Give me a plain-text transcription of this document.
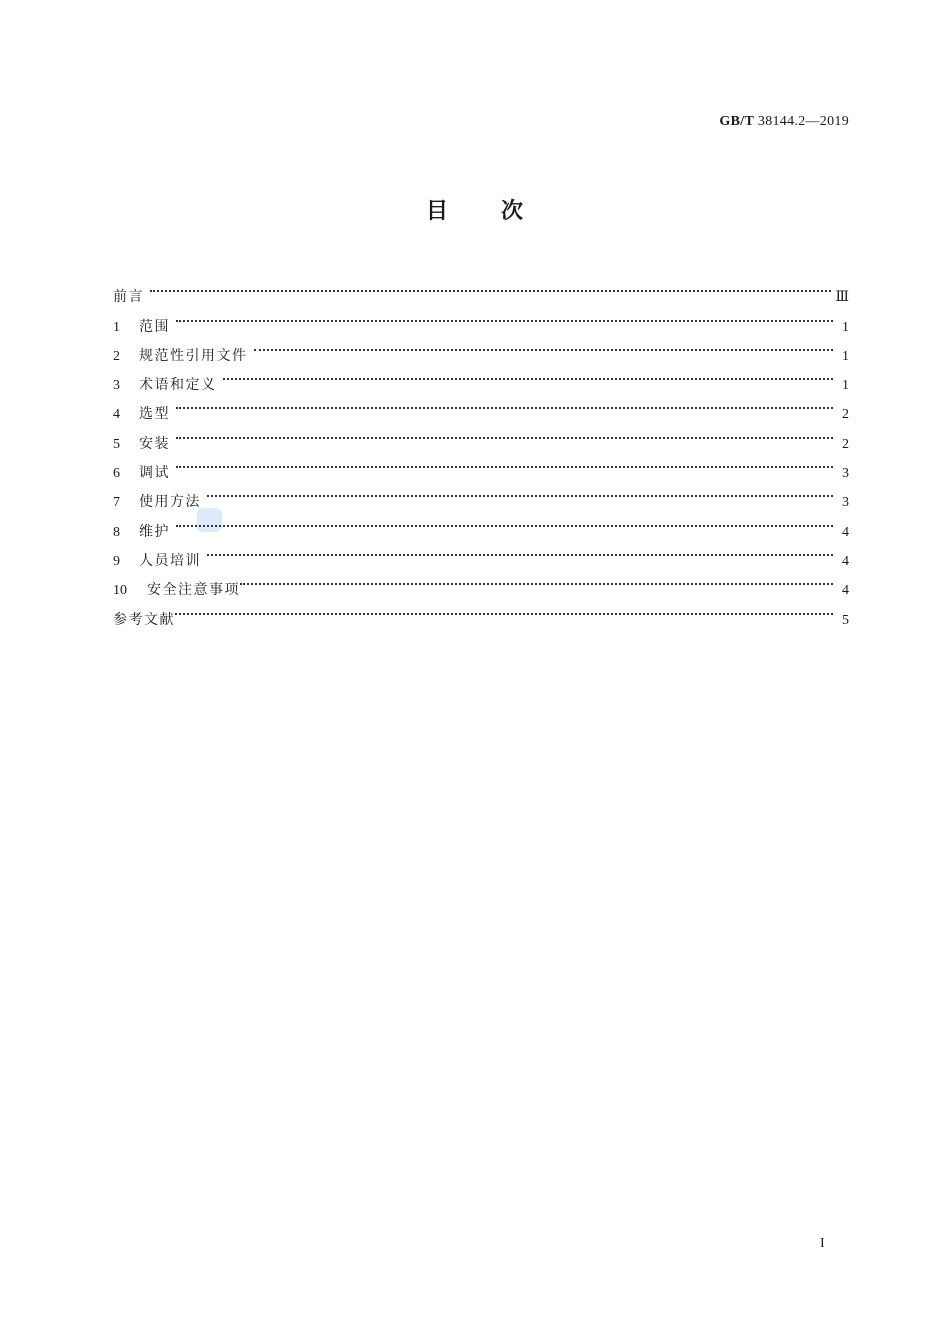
GB/T 38144.2—2019
目 次
前言	Ⅲ
1	范围	1
2	规范性引用文件	1
3	术语和定义	1
4	选型	2
5	安装	2
6	调试	3
7	使用方法	3
8	维护	4
9	人员培训	4
10	安全注意事项	4
参考文献	5
I
